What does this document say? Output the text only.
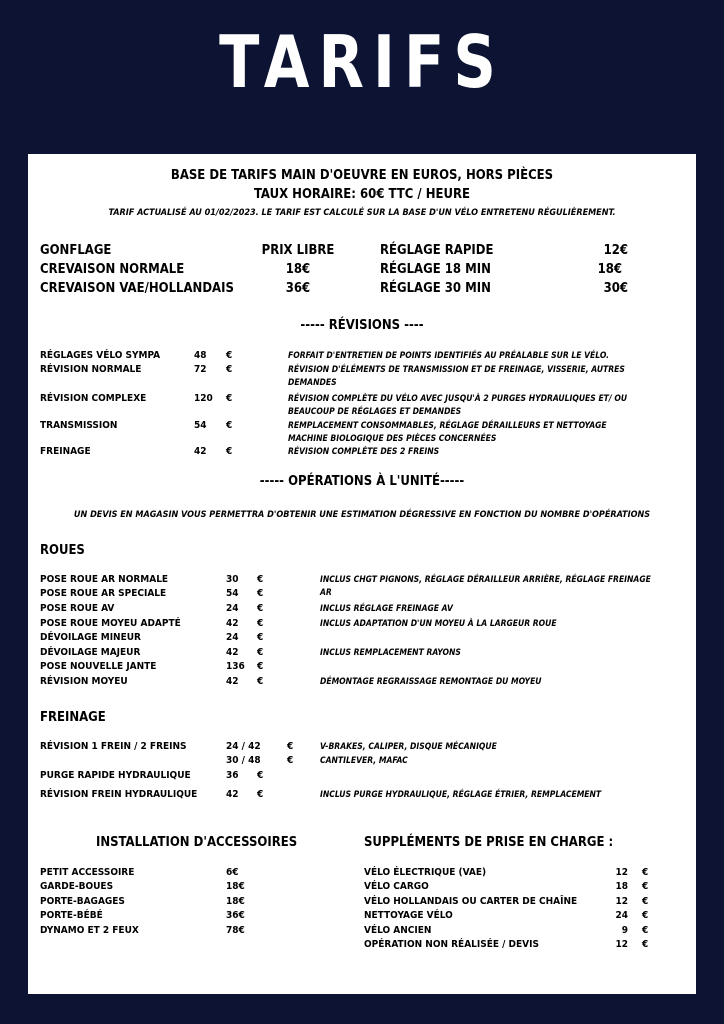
TARIFS
BASE DE TARIFS MAIN D'OEUVRE EN EUROS, HORS PIÈCES
TAUX HORAIRE: 60€ TTC / HEURE
TARIF ACTUALISÉ AU 01/02/2023. LE TARIF EST CALCULÉ SUR LA BASE D'UN VÉLO ENTRETENU RÉGULIÈREMENT.
GONFLAGE	PRIX LIBRE	RÉGLAGE RAPIDE	12€
CREVAISON NORMALE	18€	RÉGLAGE 18 MIN	18€
CREVAISON VAE/HOLLANDAIS	36€	RÉGLAGE 30 MIN	30€
----- RÉVISIONS ----
RÉGLAGES VÉLO SYMPA	48 €	FORFAIT D'ENTRETIEN DE POINTS IDENTIFIÉS AU PRÉALABLE SUR LE VÉLO.
RÉVISION NORMALE	72 €	RÉVISION D'ÉLÉMENTS DE TRANSMISSION ET DE FREINAGE, VISSERIE, AUTRES DEMANDES
RÉVISION COMPLEXE	120 €	RÉVISION COMPLÈTE DU VÉLO AVEC JUSQU'À 2 PURGES HYDRAULIQUES ET/ OU BEAUCOUP DE RÉGLAGES ET DEMANDES
TRANSMISSION	54 €	REMPLACEMENT CONSOMMABLES, RÉGLAGE DÉRAILLEURS ET NETTOYAGE MACHINE BIOLOGIQUE DES PIÈCES CONCERNÉES
FREINAGE	42 €	RÉVISION COMPLÈTE DES 2 FREINS
----- OPÉRATIONS À L'UNITÉ-----
UN DEVIS EN MAGASIN VOUS PERMETTRA D'OBTENIR UNE ESTIMATION DÉGRESSIVE EN FONCTION DU NOMBRE D'OPÉRATIONS
ROUES
POSE ROUE AR NORMALE	30 €	INCLUS CHGT PIGNONS, RÉGLAGE DÉRAILLEUR ARRIÈRE, RÉGLAGE FREINAGE AR
POSE ROUE AR SPECIALE	54 €
POSE ROUE AV	24 €	INCLUS RÉGLAGE FREINAGE AV
POSE ROUE MOYEU ADAPTÉ	42 €	INCLUS ADAPTATION D'UN MOYEU À LA LARGEUR ROUE
DÉVOILAGE MINEUR	24 €
DÉVOILAGE MAJEUR	42 €	INCLUS REMPLACEMENT RAYONS
POSE NOUVELLE JANTE	136 €
RÉVISION MOYEU	42 €	DÉMONTAGE REGRAISSAGE REMONTAGE DU MOYEU
FREINAGE
RÉVISION 1 FREIN / 2 FREINS	24 / 42	€	V-BRAKES, CALIPER, DISQUE MÉCANIQUE
30 / 48	€	CANTILEVER, MAFAC
PURGE RAPIDE HYDRAULIQUE	36 €
RÉVISION FREIN HYDRAULIQUE	42 €	INCLUS PURGE HYDRAULIQUE, RÉGLAGE ÉTRIER, REMPLACEMENT
INSTALLATION D'ACCESSOIRES
PETIT ACCESSOIRE	6€
GARDE-BOUES	18€
PORTE-BAGAGES	18€
PORTE-BÉBÉ	36€
DYNAMO ET 2 FEUX	78€
SUPPLÉMENTS DE PRISE EN CHARGE :
VÉLO ÉLECTRIQUE (VAE)	12 €
VÉLO CARGO	18 €
VÉLO HOLLANDAIS OU CARTER DE CHAÎNE	12 €
NETTOYAGE VÉLO	24 €
VÉLO ANCIEN	9 €
OPÉRATION NON RÉALISÉE / DEVIS	12 €
